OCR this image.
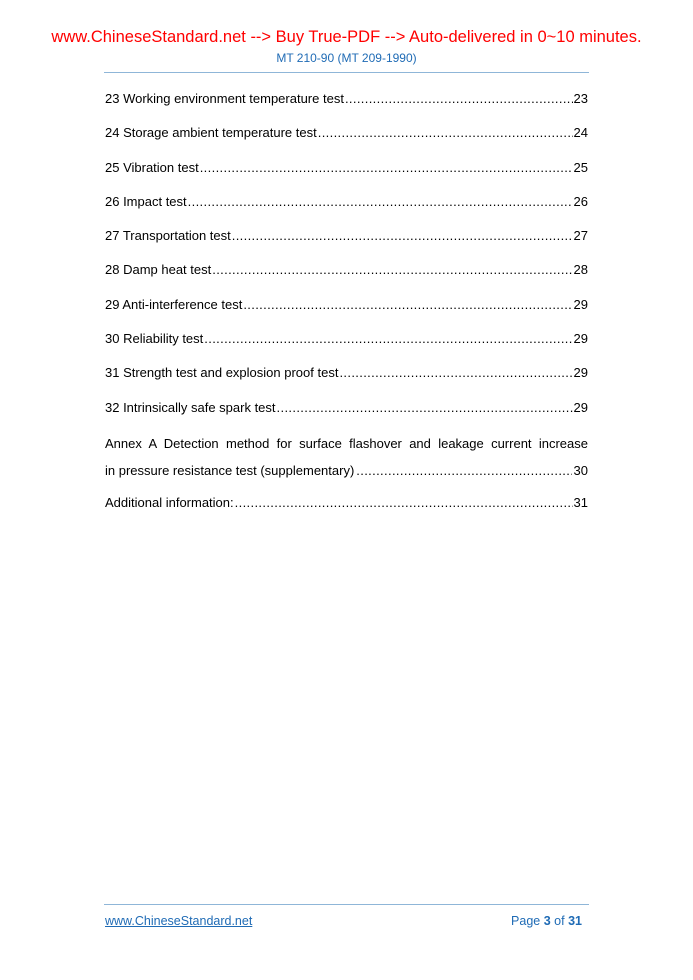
www.ChineseStandard.net --> Buy True-PDF --> Auto-delivered in 0~10 minutes.
MT 210-90 (MT 209-1990)
23 Working environment temperature test .....	23
24 Storage ambient temperature test .....	24
25 Vibration test .....	25
26 Impact test .....	26
27 Transportation test .....	27
28 Damp heat test .....	28
29 Anti-interference test .....	29
30 Reliability test .....	29
31 Strength test and explosion proof test .....	29
32 Intrinsically safe spark test .....	29
Annex A Detection method for surface flashover and leakage current increase
in pressure resistance test (supplementary) .....	30
Additional information: .....	31
www.ChineseStandard.net	Page 3 of 31
